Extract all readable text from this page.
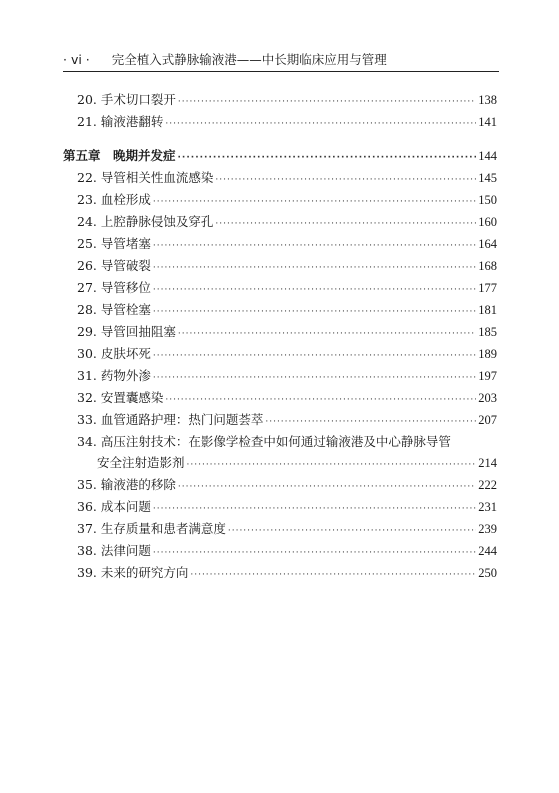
· vi · 完全植入式静脉输液港——中长期临床应用与管理
20. 手术切口裂开 ·····	138
21. 输液港翻转 ·····	141
第五章　晚期并发症 ·····	144
22. 导管相关性血流感染 ·····	145
23. 血栓形成 ·····	150
24. 上腔静脉侵蚀及穿孔 ·····	160
25. 导管堵塞 ·····	164
26. 导管破裂 ·····	168
27. 导管移位 ·····	177
28. 导管栓塞 ·····	181
29. 导管回抽阻塞 ·····	185
30. 皮肤坏死 ·····	189
31. 药物外渗 ·····	197
32. 安置囊感染 ·····	203
33. 血管通路护理：热门问题荟萃 ·····	207
34. 高压注射技术：在影像学检查中如何通过输液港及中心静脉导管
安全注射造影剂 ·····	214
35. 输液港的移除 ·····	222
36. 成本问题 ·····	231
37. 生存质量和患者满意度 ·····	239
38. 法律问题 ·····	244
39. 未来的研究方向 ·····	250
